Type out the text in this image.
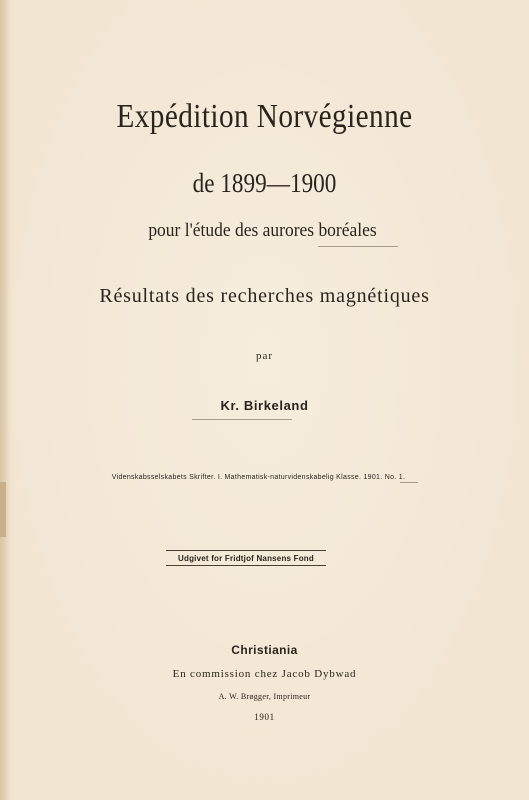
Expédition Norvégienne
de 1899—1900
pour l'étude des aurores boréales
Résultats des recherches magnétiques
par
Kr. Birkeland
Videnskabsselskabets Skrifter. I. Mathematisk-naturvidenskabelig Klasse. 1901. No. 1.
Udgivet for Fridtjof Nansens Fond
Christiania
En commission chez Jacob Dybwad
A. W. Brøgger, Imprimeur
1901
